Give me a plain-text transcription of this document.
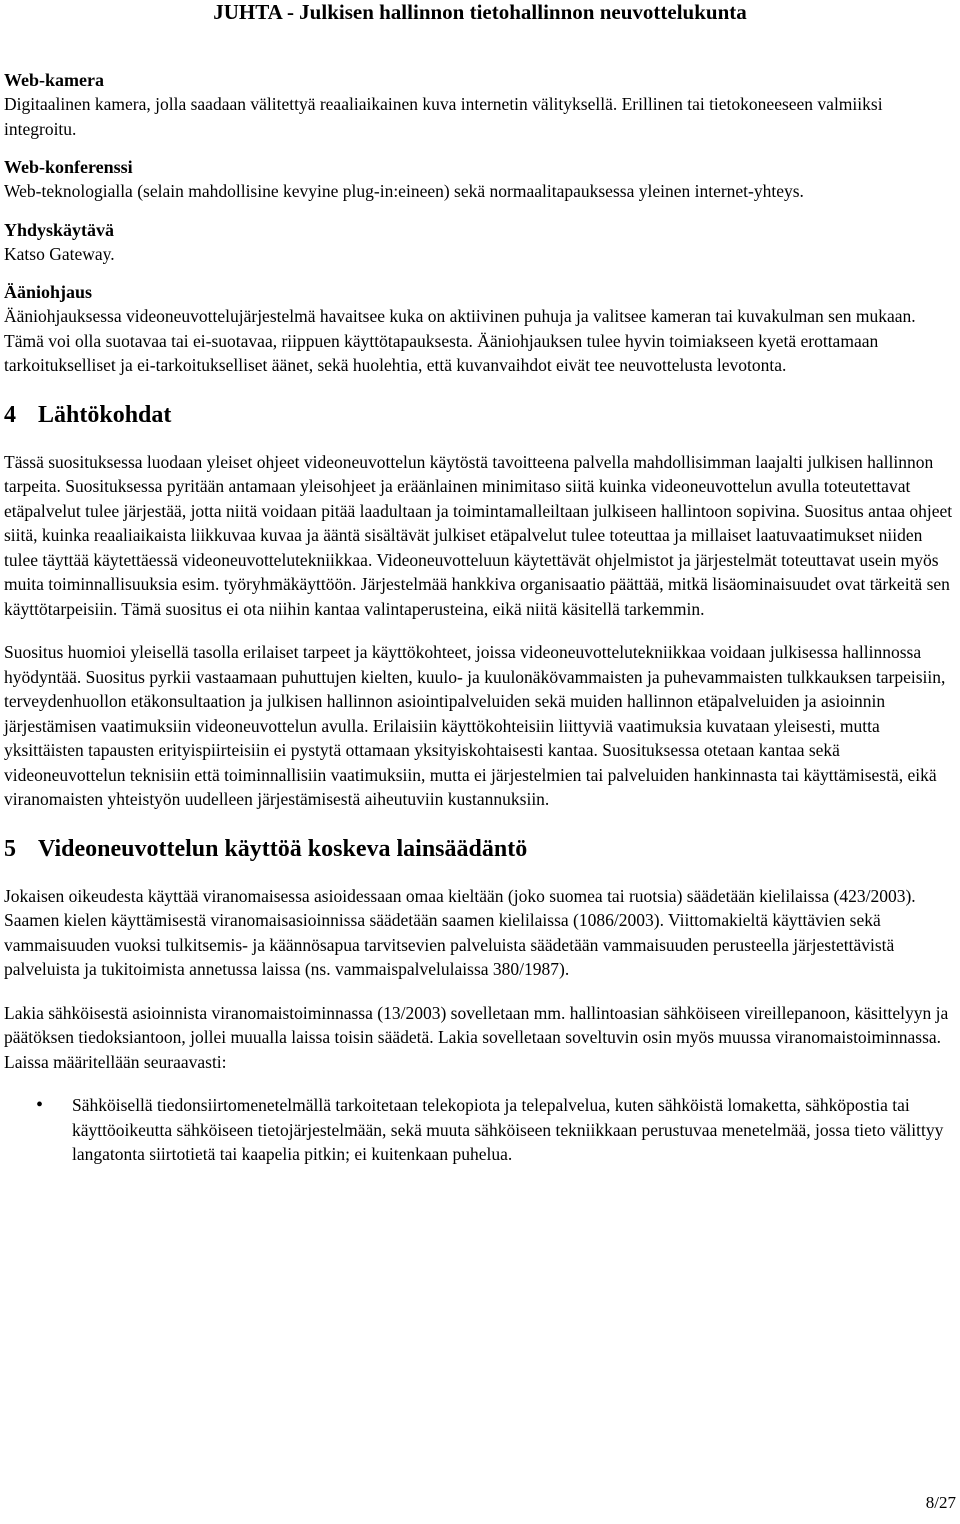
JUHTA - Julkisen hallinnon tietohallinnon neuvottelukunta
Web-kamera
Digitaalinen kamera, jolla saadaan välitettyä reaaliaikainen kuva internetin välityksellä. Erillinen tai tietokoneeseen valmiiksi integroitu.
Web-konferenssi
Web-teknologialla (selain mahdollisine kevyine plug-in:eineen) sekä normaalitapauksessa yleinen internet-yhteys.
Yhdyskäytävä
Katso Gateway.
Ääniohjaus
Ääniohjauksessa videoneuvottelujärjestelmä havaitsee kuka on aktiivinen puhuja ja valitsee kameran tai kuvakulman sen mukaan. Tämä voi olla suotavaa tai ei-suotavaa, riippuen käyttötapauksesta. Ääniohjauksen tulee hyvin toimiakseen kyetä erottamaan tarkoitukselliset ja ei-tarkoitukselliset äänet, sekä huolehtia, että kuvanvaihdot eivät tee neuvottelusta levotonta.
4 Lähtökohdat

Tässä suosituksessa luodaan yleiset ohjeet videoneuvottelun käytöstä tavoitteena palvella mahdollisimman laajalti julkisen hallinnon tarpeita. Suosituksessa pyritään antamaan yleisohjeet ja eräänlainen minimitaso siitä kuinka videoneuvottelun avulla toteutettavat etäpalvelut tulee järjestää, jotta niitä voidaan pitää laadultaan ja toimintamalleiltaan julkiseen hallintoon sopivina. Suositus antaa ohjeet siitä, kuinka reaaliaikaista liikkuvaa kuvaa ja ääntä sisältävät julkiset etäpalvelut tulee toteuttaa ja millaiset laatuvaatimukset niiden tulee täyttää käytettäessä videoneuvottelutekniikkaa. Videoneuvotteluun käytettävät ohjelmistot ja järjestelmät toteuttavat usein myös muita toiminnallisuuksia esim. työryhmäkäyttöön. Järjestelmää hankkiva organisaatio päättää, mitkä lisäominaisuudet ovat tärkeitä sen käyttötarpeisiin. Tämä suositus ei ota niihin kantaa valintaperusteina, eikä niitä käsitellä tarkemmin.

Suositus huomioi yleisellä tasolla erilaiset tarpeet ja käyttökohteet, joissa videoneuvottelutekniikkaa voidaan julkisessa hallinnossa hyödyntää. Suositus pyrkii vastaamaan puhuttujen kielten, kuulo- ja kuulonäkövammaisten ja puhevammaisten tulkkauksen tarpeisiin, terveydenhuollon etäkonsultaation ja julkisen hallinnon asiointipalveluiden sekä muiden hallinnon etäpalveluiden ja asioinnin järjestämisen vaatimuksiin videoneuvottelun avulla. Erilaisiin käyttökohteisiin liittyviä vaatimuksia kuvataan yleisesti, mutta yksittäisten tapausten erityispiirteisiin ei pystytä ottamaan yksityiskohtaisesti kantaa. Suosituksessa otetaan kantaa sekä videoneuvottelun teknisiin että toiminnallisiin vaatimuksiin, mutta ei järjestelmien tai palveluiden hankinnasta tai käyttämisestä, eikä viranomaisten yhteistyön uudelleen järjestämisestä aiheutuviin kustannuksiin.

5 Videoneuvottelun käyttöä koskeva lainsäädäntö

Jokaisen oikeudesta käyttää viranomaisessa asioidessaan omaa kieltään (joko suomea tai ruotsia) säädetään kielilaissa (423/2003). Saamen kielen käyttämisestä viranomaisasioinnissa säädetään saamen kielilaissa (1086/2003). Viittomakieltä käyttävien sekä vammaisuuden vuoksi tulkitsemis- ja käännösapua tarvitsevien palveluista säädetään vammaisuuden perusteella järjestettävistä palveluista ja tukitoimista annetussa laissa (ns. vammaispalvelulaissa 380/1987).

Lakia sähköisestä asioinnista viranomaistoiminnassa (13/2003) sovelletaan mm. hallintoasian sähköiseen vireillepanoon, käsittelyyn ja päätöksen tiedoksiantoon, jollei muualla laissa toisin säädetä. Lakia sovelletaan soveltuvin osin myös muussa viranomaistoiminnassa. Laissa määritellään seuraavasti:

• Sähköisellä tiedonsiirtomenetelmällä tarkoitetaan telekopiota ja telepalvelua, kuten sähköistä lomaketta, sähköpostia tai käyttöoikeutta sähköiseen tietojärjestelmään, sekä muuta sähköiseen tekniikkaan perustuvaa menetelmää, jossa tieto välittyy langatonta siirtotietä tai kaapelia pitkin; ei kuitenkaan puhelua.
8/27
